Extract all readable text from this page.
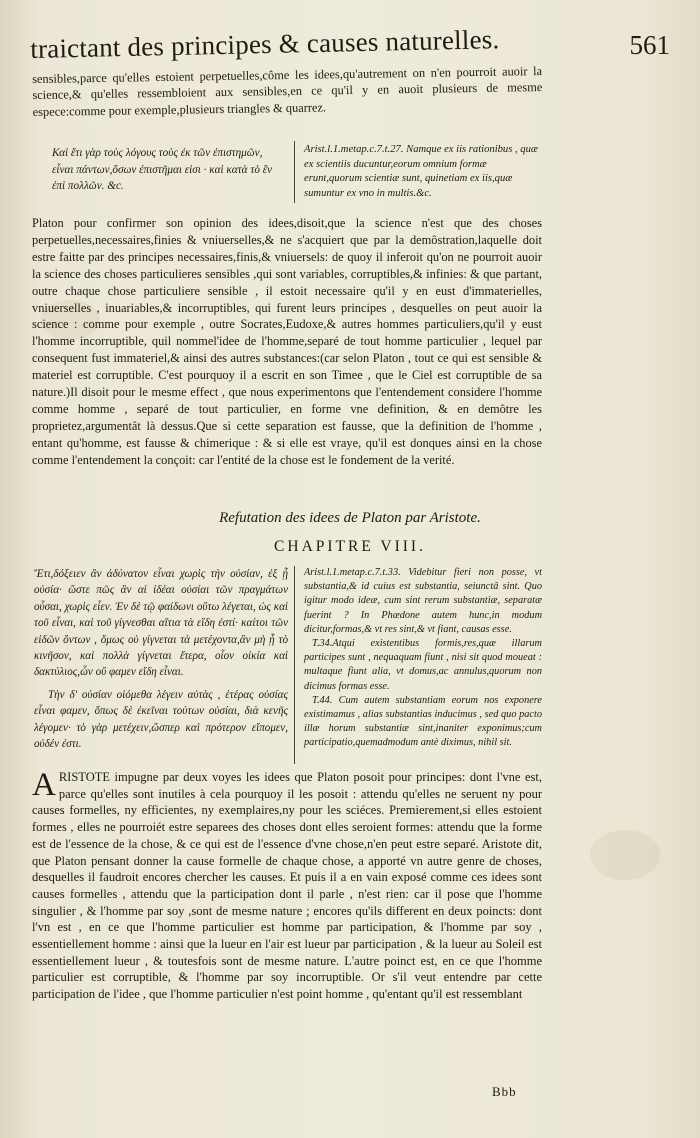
traictant des principes & causes naturelles.	561

sensibles,parce qu'elles estoient perpetuelles,côme les idees,qu'autrement on n'en pourroit auoir la science,& qu'elles ressembloient aux sensibles,en ce qu'il y en auoit plusieurs de mesme espece:comme pour exemple,plusieurs triangles & quarrez.

Καὶ ἔτι γὰρ τοὺς λόγους τοὺς ἐκ τῶν ἐπιστημῶν, εἶναι πάντων,ὅσων ἐπιστῆμαι εἰσι · καὶ κατὰ τὸ ἓν ἐπὶ πολλῶν. &c.
Arist.l.1.metap.c.7.t.27. Namque ex iis rationibus , quæ ex scientiis ducuntur,eorum omnium formæ erunt,quorum scientiæ sunt, quinetiam ex iis,quæ sumuntur ex vno in multis.&c.

Platon pour confirmer son opinion des idees,disoit,que la science n'est que des choses perpetuelles,necessaires,finies & vniuerselles,& ne s'acquiert que par la demôstration,laquelle doit estre faitte par des principes necessaires,finis,& vniuersels: de quoy il inferoit qu'on ne pourroit auoir la science des choses particulieres sensibles ,qui sont variables, corruptibles,& infinies: & que partant, outre chaque chose particuliere sensible , il estoit necessaire qu'il y en eust d'immaterielles, vniuerselles , inuariables,& incorruptibles, qui furent leurs principes , desquelles on peut auoir la science : comme pour exemple , outre Socrates,Eudoxe,& autres hommes particuliers,qu'il y eust l'homme incorruptible, quil nommel'idee de l'homme,separé de tout homme particulier , lequel par consequent fust immateriel,& ainsi des autres substances:(car selon Platon , tout ce qui est sensible & materiel est corruptible. C'est pourquoy il a escrit en son Timee , que le Ciel est corruptible de sa nature.)Il disoit pour le mesme effect , que nous experimentons que l'entendement considere l'homme comme homme , separé de tout particulier, en forme vne definition, & en demôtre les proprietez,argumentât là dessus.Que si cette separation est fausse, que la definition de l'homme , entant qu'homme, est fausse & chimerique : & si elle est vraye, qu'il est donques ainsi en la chose comme l'entendement la conçoit: car l'entité de la chose est le fondement de la verité.

Refutation des idees de Platon par Aristote.
CHAPITRE VIII.

Ἔτι,δόξειεν ἂν ἀδύνατον εἶναι χωρὶς τὴν οὐσίαν, ἐξ ᾗ οὐσία· ὥστε πῶς ἂν αἱ ἰδέαι οὐσίαι τῶν πραγμάτων οὖσαι, χωρὶς εἶεν. Ἐν δὲ τῷ φαίδωνι οὕτω λέγεται, ὡς καὶ τοῦ εἶναι, καὶ τοῦ γίγνεσθαι αἴτια τὰ εἴδη ἐστί· καίτοι τῶν εἰδῶν ὄντων , ὅμως οὐ γίγνεται τὰ μετέχοντα,ἂν μὴ ᾖ τὸ κινῆσον, καὶ πολλὰ γίγνεται ἕτερα, οἷον οἰκία καὶ δακτύλιος,ὧν οὔ φαμεν εἴδη εἶναι.

Τὴν δ' οὐσίαν οἰόμεθα λέγειν αὐτὰς , ἑτέρας οὐσίας εἶναι φαμεν, ὅπως δὲ ἐκεῖναι τούτων οὐσίαι, διὰ κενῆς λέγομεν· τὸ γὰρ μετέχειν,ὥσπερ καὶ πρότερον εἴπομεν, οὐδέν ἐστι.

Arist.l.1.metap.c.7.t.33. Videbitur fieri non posse, vt substantia,& id cuius est substantia, seiunctâ sint. Quo igitur modo ideæ, cum sint rerum substantiæ, separatæ fuerint ? In Phædone autem hunc,in modum dicitur,formas,& vt res sint,& vt fiant, causas esse.

T.34.Atqui existentibus formis,res,quæ illarum participes sunt , nequaquam fiunt , nisi sit quod moueat : multaque fiunt alia, vt domus,ac annulus,quorum non dicimus formas esse.

T.44. Cum autem substantiam eorum nos exponere existimamus , alias substantias inducimus , sed quo pacto illæ horum substantiæ sint,inaniter exponimus;cum participatio,quemadmodum antè diximus, nihil sit.

ARISTOTE impugne par deux voyes les idees que Platon posoit pour principes: dont l'vne est, parce qu'elles sont inutiles à cela pourquoy il les posoit : attendu qu'elles ne seruent ny pour causes formelles, ny efficientes, ny exemplaires,ny pour les sciéces. Premierement,si elles estoient formes , elles ne pourroiét estre separees des choses dont elles seroient formes: attendu que la forme est de l'essence de la chose, & ce qui est de l'essence d'vne chose,n'en peut estre separé. Aristote dit, que Platon pensant donner la cause formelle de chaque chose, a apporté vn autre genre de choses, desquelles il faudroit encores chercher les causes. Et puis il a en vain exposé comme ces idees sont causes formelles , attendu que la participation dont il parle , n'est rien: car il pose que l'homme singulier , & l'homme par soy ,sont de mesme nature ; encores qu'ils different en deux poincts: dont l'vn est , en ce que l'homme particulier est homme par participation, & l'homme par soy , essentiellement homme : ainsi que la lueur en l'air est lueur par participation , & la lueur au Soleil est essentiellement lueur , & toutesfois sont de mesme nature. L'autre poinct est, en ce que l'homme particulier est corruptible, & l'homme par soy incorruptible. Or s'il veut entendre par cette participation de l'idee , que l'homme particulier n'est point homme , qu'entant qu'il est ressemblant

Bbb
